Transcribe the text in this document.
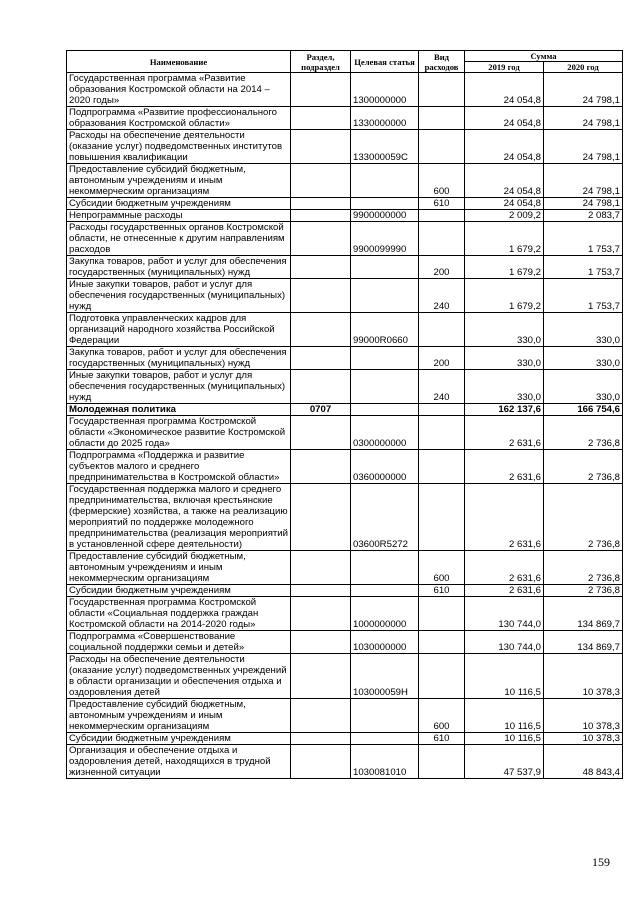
Наименование	Раздел, подраздел	Целевая статья	Вид расходов	Сумма	
				2019 год	2020 год
Государственная программа «Развитие образования Костромской области на 2014 – 2020 годы»		1300000000		24 054,8	24 798,1
Подпрограмма «Развитие профессионального образования Костромской области»		1330000000		24 054,8	24 798,1
Расходы на обеспечение деятельности (оказание услуг) подведомственных институтов повышения квалификации		133000059С		24 054,8	24 798,1
Предоставление субсидий бюджетным, автономным учреждениям и иным некоммерческим организациям			600	24 054,8	24 798,1
Субсидии бюджетным учреждениям			610	24 054,8	24 798,1
Непрограммные расходы		9900000000		2 009,2	2 083,7
Расходы государственных органов Костромской области, не отнесенные к другим направлениям расходов		9900099990		1 679,2	1 753,7
Закупка товаров, работ и услуг для обеспечения государственных (муниципальных) нужд			200	1 679,2	1 753,7
Иные закупки товаров, работ и услуг для обеспечения государственных (муниципальных) нужд			240	1 679,2	1 753,7
Подготовка управленческих кадров для организаций народного хозяйства Российской Федерации		99000R0660		330,0	330,0
Закупка товаров, работ и услуг для обеспечения государственных (муниципальных) нужд			200	330,0	330,0
Иные закупки товаров, работ и услуг для обеспечения государственных (муниципальных) нужд			240	330,0	330,0
Молодежная политика	0707			162 137,6	166 754,6
Государственная программа Костромской области «Экономическое развитие Костромской области до 2025 года»		0300000000		2 631,6	2 736,8
Подпрограмма «Поддержка и развитие субъектов малого и среднего предпринимательства в Костромской области»		0360000000		2 631,6	2 736,8
Государственная поддержка малого и среднего предпринимательства, включая крестьянские (фермерские) хозяйства, а также на реализацию мероприятий по поддержке молодежного предпринимательства (реализация мероприятий в установленной сфере деятельности)		03600R5272		2 631,6	2 736,8
Предоставление субсидий бюджетным, автономным учреждениям и иным некоммерческим организациям			600	2 631,6	2 736,8
Субсидии бюджетным учреждениям			610	2 631,6	2 736,8
Государственная программа Костромской области «Социальная поддержка граждан Костромской области на 2014-2020 годы»		1000000000		130 744,0	134 869,7
Подпрограмма «Совершенствование социальной поддержки семьи и детей»		1030000000		130 744,0	134 869,7
Расходы на обеспечение деятельности (оказание услуг) подведомственных учреждений в области организации и обеспечения отдыха и оздоровления детей		103000059Н		10 116,5	10 378,3
Предоставление субсидий бюджетным, автономным учреждениям и иным некоммерческим организациям			600	10 116,5	10 378,3
Субсидии бюджетным учреждениям			610	10 116,5	10 378,3
Организация и обеспечение отдыха и оздоровления детей, находящихся в трудной жизненной ситуации		1030081010		47 537,9	48 843,4
159
